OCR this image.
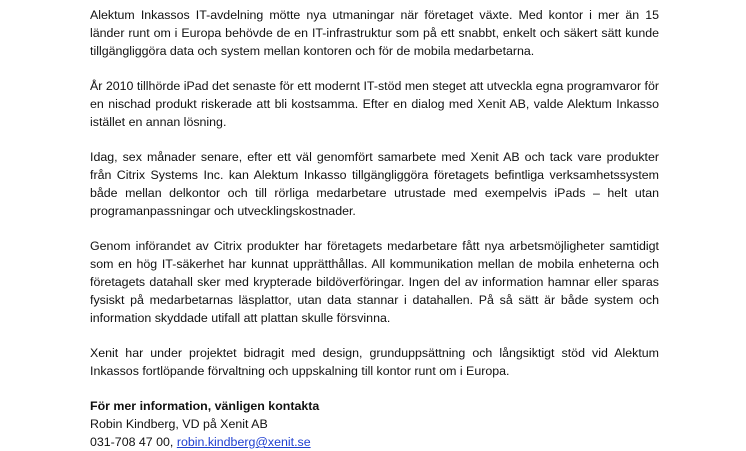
Alektum Inkassos IT-avdelning mötte nya utmaningar när företaget växte. Med kontor i mer än 15 länder runt om i Europa behövde de en IT-infrastruktur som på ett snabbt, enkelt och säkert sätt kunde tillgängliggöra data och system mellan kontoren och för de mobila medarbetarna.

År 2010 tillhörde iPad det senaste för ett modernt IT-stöd men steget att utveckla egna programvaror för en nischad produkt riskerade att bli kostsamma. Efter en dialog med Xenit AB, valde Alektum Inkasso istället en annan lösning.

Idag, sex månader senare, efter ett väl genomfört samarbete med Xenit AB och tack vare produkter från Citrix Systems Inc. kan Alektum Inkasso tillgängliggöra företagets befintliga verksamhetssystem både mellan delkontor och till rörliga medarbetare utrustade med exempelvis iPads – helt utan programanpassningar och utvecklingskostnader.

Genom införandet av Citrix produkter har företagets medarbetare fått nya arbetsmöjligheter samtidigt som en hög IT-säkerhet har kunnat upprätthållas. All kommunikation mellan de mobila enheterna och företagets datahall sker med krypterade bildöverföringar. Ingen del av information hamnar eller sparas fysiskt på medarbetarnas läsplattor, utan data stannar i datahallen. På så sätt är både system och information skyddade utifall att plattan skulle försvinna.

Xenit har under projektet bidragit med design, grunduppsättning och långsiktigt stöd vid Alektum Inkassos fortlöpande förvaltning och uppskalning till kontor runt om i Europa.

För mer information, vänligen kontakta

Robin Kindberg, VD på Xenit AB

031-708 47 00, robin.kindberg@xenit.se
